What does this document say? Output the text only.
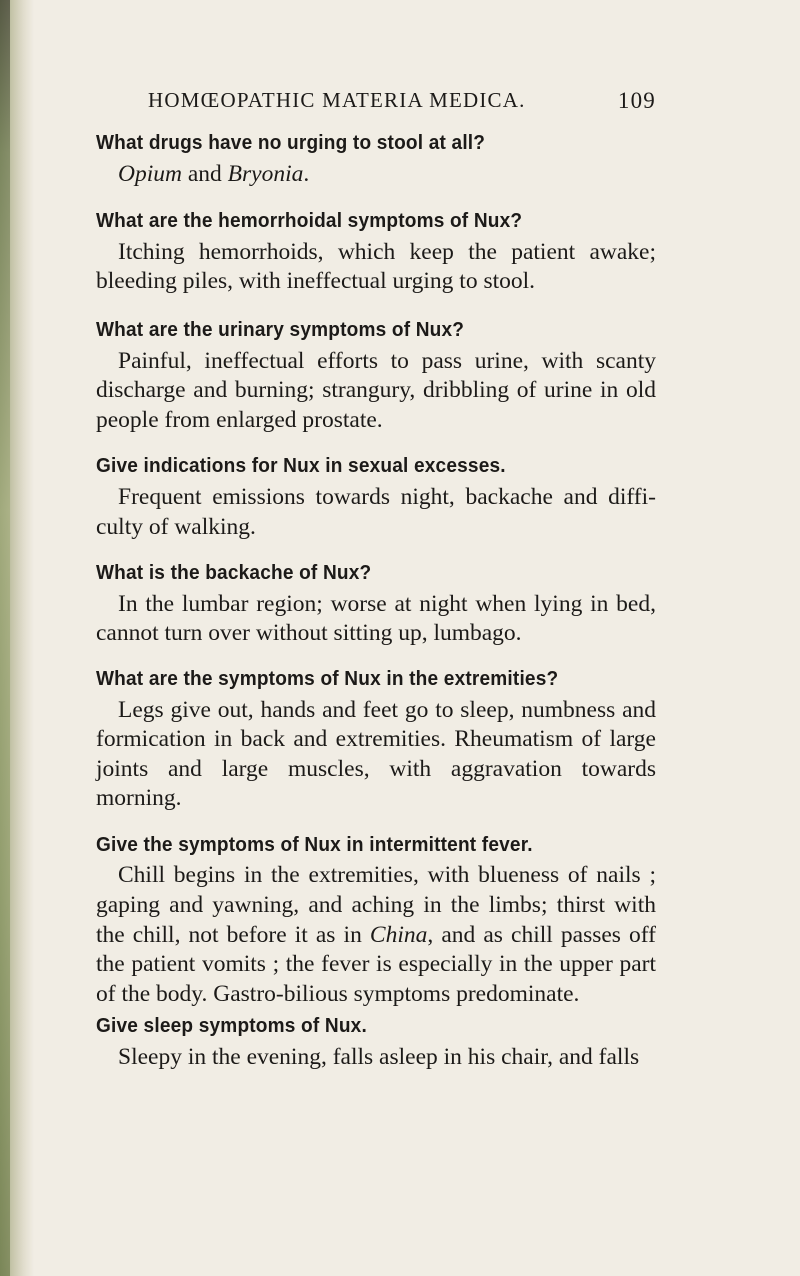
HOMŒOPATHIC MATERIA MEDICA.	109

What drugs have no urging to stool at all?

Opium and Bryonia.

What are the hemorrhoidal symptoms of Nux?

Itching hemorrhoids, which keep the patient awake; bleeding piles, with ineffectual urging to stool.

What are the urinary symptoms of Nux?

Painful, ineffectual efforts to pass urine, with scanty discharge and burning; strangury, dribbling of urine in old people from enlarged prostate.

Give indications for Nux in sexual excesses.

Frequent emissions towards night, backache and diffi-culty of walking.

What is the backache of Nux?

In the lumbar region; worse at night when lying in bed, cannot turn over without sitting up, lumbago.

What are the symptoms of Nux in the extremities?

Legs give out, hands and feet go to sleep, numbness and formication in back and extremities. Rheumatism of large joints and large muscles, with aggravation towards morning.

Give the symptoms of Nux in intermittent fever.

Chill begins in the extremities, with blueness of nails ; gaping and yawning, and aching in the limbs; thirst with the chill, not before it as in China, and as chill passes off the patient vomits ; the fever is especially in the upper part of the body. Gastro-bilious symptoms predominate.

Give sleep symptoms of Nux.

Sleepy in the evening, falls asleep in his chair, and falls
